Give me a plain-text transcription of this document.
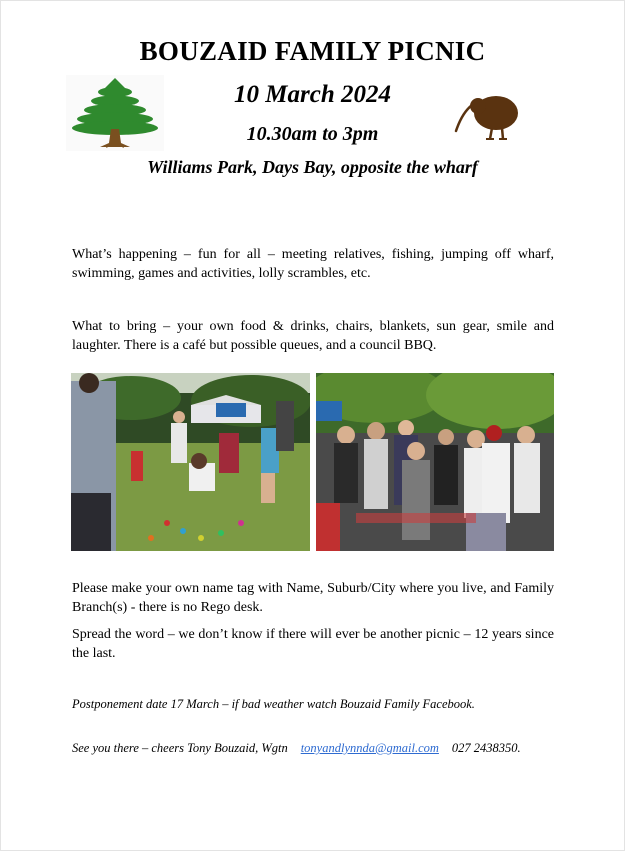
BOUZAID FAMILY PICNIC
10 March 2024
10.30am to 3pm
Williams Park, Days Bay, opposite the wharf
What’s happening – fun for all – meeting relatives, fishing, jumping off wharf, swimming, games and activities, lolly scrambles, etc.
What to bring – your own food & drinks, chairs, blankets, sun gear, smile and laughter. There is a café but possible queues, and a council BBQ.
Please make your own name tag with Name, Suburb/City where you live, and Family Branch(s) - there is no Rego desk.
Spread the word – we don’t know if there will ever be another picnic – 12 years since the last.
Postponement date 17 March – if bad weather watch Bouzaid Family Facebook.
See you there – cheers Tony Bouzaid, Wgtn tonyandlynnda@gmail.com 027 2438350.
